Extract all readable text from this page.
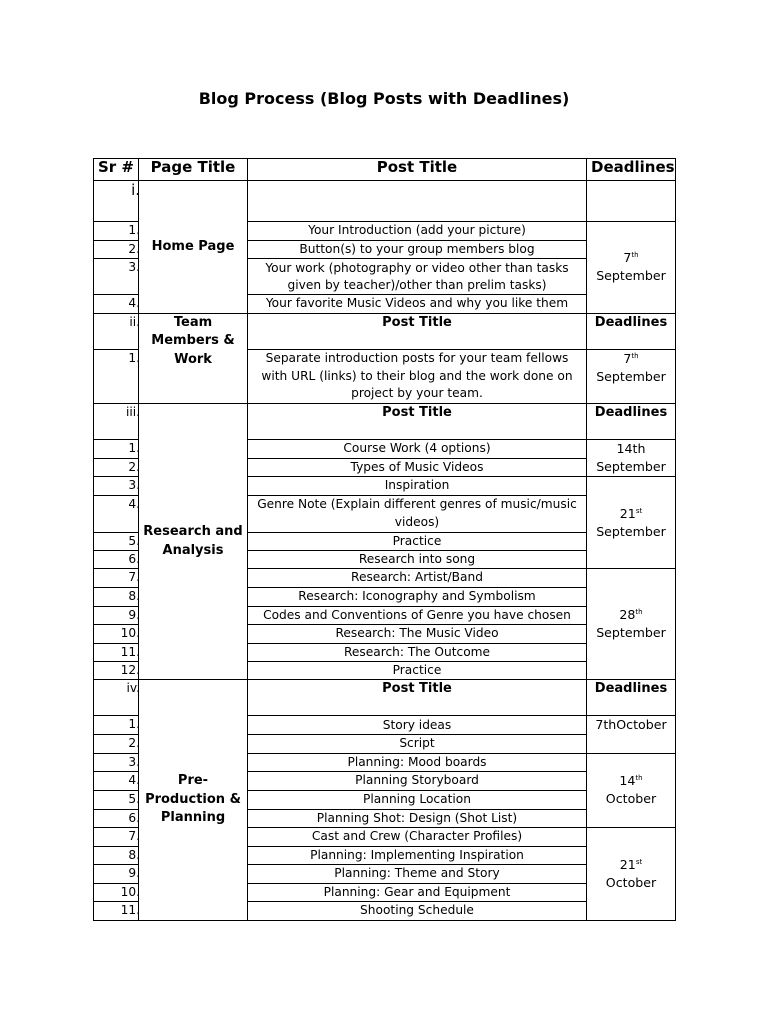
Blog Process (Blog Posts with Deadlines)
Sr #	Page Title	Post Title	Deadlines
i.	Home Page		
1.		Your Introduction (add your picture)	7th
September
2.		Button(s) to your group members blog	
3.		Your work (photography or video other than tasks given by teacher)/other than prelim tasks)	
4.		Your favorite Music Videos and why you like them	
ii.	Team Members & Work	Post Title	Deadlines
1.		Separate introduction posts for your team fellows with URL (links) to their blog and the work done on project by your team.	7th
September
iii.	Research and Analysis	Post Title	Deadlines
1.		Course Work (4 options)	14th
September
2.		Types of Music Videos	
3.		Inspiration	21st
September
4.		Genre Note (Explain different genres of music/music videos)	
5.		Practice	
6.		Research into song	
7.		Research: Artist/Band	28th
September
8.		Research: Iconography and Symbolism	
9.		Codes and Conventions of Genre you have chosen	
10.		Research: The Music Video	
11.		Research: The Outcome	
12.		Practice	
iv.	Pre-Production & Planning	Post Title	Deadlines
1.		Story ideas	7thOctober
2.		Script	
3.		Planning: Mood boards	14th
October
4.		Planning Storyboard	
5.		Planning Location	
6.		Planning Shot: Design (Shot List)	
7.		Cast and Crew (Character Profiles)	21st
October
8.		Planning: Implementing Inspiration	
9.		Planning: Theme and Story	
10.		Planning: Gear and Equipment	
11.		Shooting Schedule	
